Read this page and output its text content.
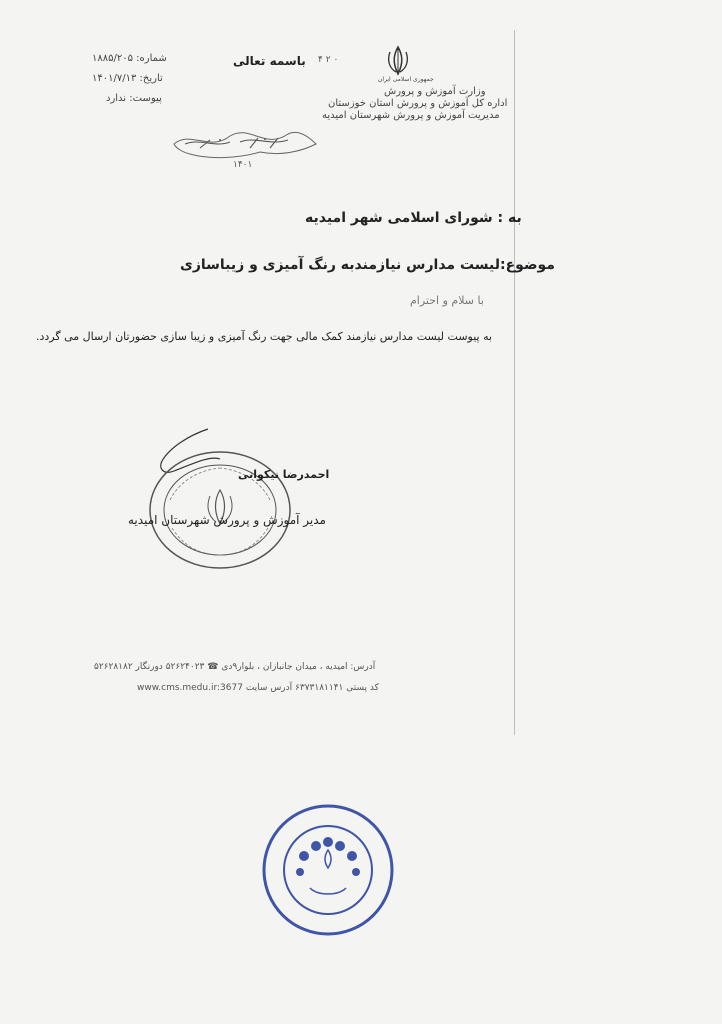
باسمه تعالی ۰ ۲ ۴
جمهوری اسلامی ایران
وزارت آموزش و پرورش
اداره کل آموزش و پرورش استان خوزستان
مدیریت آموزش و پرورش شهرستان امیدیه
شماره: ۱۸۸۵/۲۰۵
تاریخ: ۱۴۰۱/۷/۱۳
پیوست: ندارد
۱۴۰۱
به : شورای اسلامی شهر امیدیه
موضوع:لیست مدارس نیازمندبه رنگ آمیزی و زیباسازی
با سلام و احترام
به پیوست لیست مدارس نیازمند کمک مالی جهت رنگ آمیزی و زیبا سازی حضورتان ارسال می گردد.
احمدرضا نیکوانی
مدیر آموزش و پرورش شهرستان امیدیه
آدرس: امیدیه ، میدان جانبازان ، بلوار۹دی ☎ ۵۲۶۲۴۰۲۳ دورنگار ۵۲۶۲۸۱۸۲
کد پستی ۶۳۷۳۱۸۱۱۴۱ آدرس سایت www.cms.medu.ir:3677
